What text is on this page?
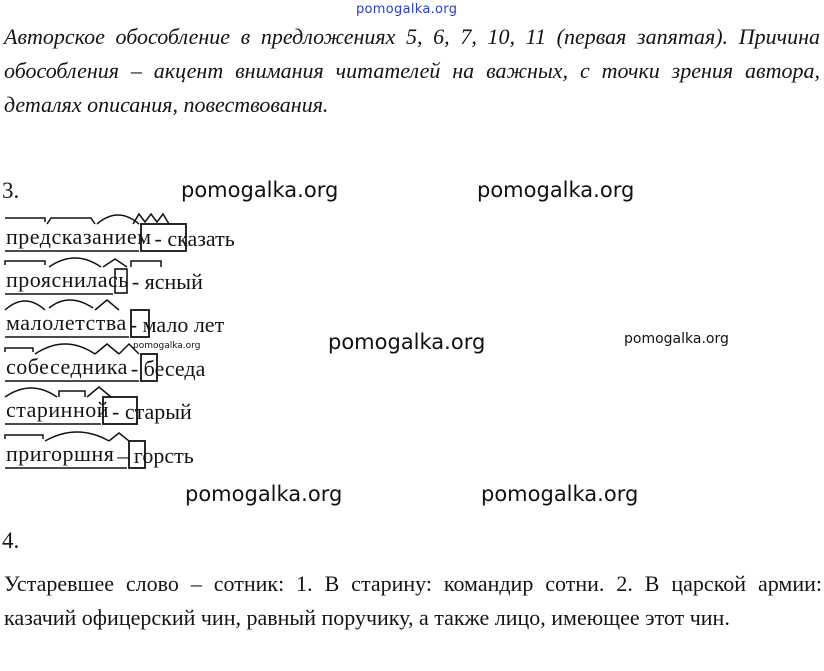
pomogalka.org

Авторское обособление в предложениях 5, 6, 7, 10, 11 (первая запятая). Причина обособления – акцент внимания читателей на важных, с точки зрения автора, деталях описания, повествования.

3.	pomogalka.org	pomogalka.org
pomogalka.org	pomogalka.org
pomogalka.org
предсказанием - сказать
прояснилась - ясный
малолетства - мало лет
собеседника - беседа
старинной - старый
пригоршня – горсть
pomogalka.org	pomogalka.org
4.

Устаревшее слово – сотник: 1. В старину: командир сотни. 2. В царской армии: казачий офицерский чин, равный поручику, а также лицо, имеющее этот чин.
